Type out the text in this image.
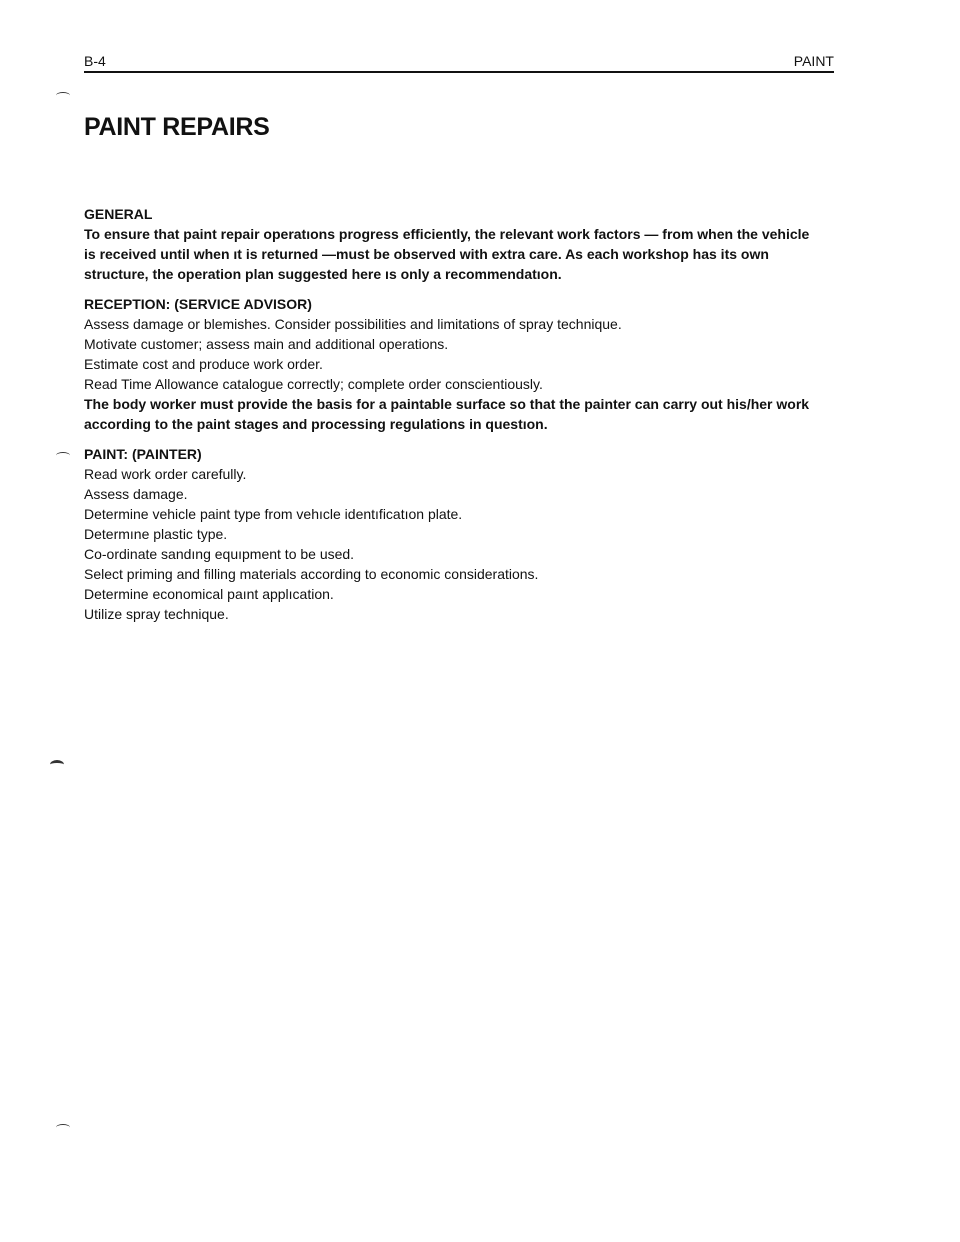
B-4	PAINT
PAINT REPAIRS

GENERAL

To ensure that paint repair operatıons progress efficiently, the relevant work factors — from when the vehicle

is received until when ıt is returned —must be observed with extra care. As each workshop has its own

structure, the operation plan suggested here ıs only a recommendatıon.

RECEPTION: (SERVICE ADVISOR)

Assess damage or blemishes. Consider possibilities and limitations of spray technique.

Motivate customer; assess main and additional operations.

Estimate cost and produce work order.

Read Time Allowance catalogue correctly; complete order conscientiously.

The body worker must provide the basis for a paintable surface so that the painter can carry out his/her work

according to the paint stages and processing regulations in questıon.

PAINT: (PAINTER)

Read work order carefully.

Assess damage.

Determine vehicle paint type from vehıcle identıficatıon plate.

Determıne plastic type.

Co-ordinate sandıng equıpment to be used.

Select priming and filling materials according to economic considerations.

Determine economical paınt applıcation.

Utilize spray technique.
